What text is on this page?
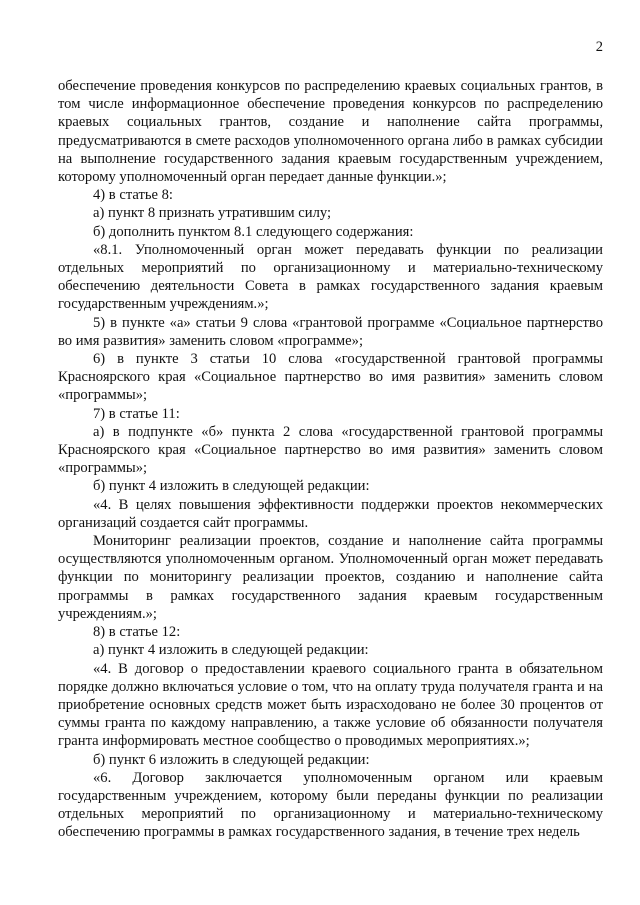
2

обеспечение проведения конкурсов по распределению краевых социальных грантов, в том числе информационное обеспечение проведения конкурсов по распределению краевых социальных грантов, создание и наполнение сайта программы, предусматриваются в смете расходов уполномоченного органа либо в рамках субсидии на выполнение государственного задания краевым государственным учреждением, которому уполномоченный орган передает данные функции.»;

4) в статье 8:

а) пункт 8 признать утратившим силу;

б) дополнить пунктом 8.1 следующего содержания:

«8.1. Уполномоченный орган может передавать функции по реализации отдельных мероприятий по организационному и материально-техническому обеспечению деятельности Совета в рамках государственного задания краевым государственным учреждениям.»;

5) в пункте «а» статьи 9 слова «грантовой программе «Социальное партнерство во имя развития» заменить словом «программе»;

6) в пункте 3 статьи 10 слова «государственной грантовой программы Красноярского края «Социальное партнерство во имя развития» заменить словом «программы»;

7) в статье 11:

а) в подпункте «б» пункта 2 слова «государственной грантовой программы Красноярского края «Социальное партнерство во имя развития» заменить словом «программы»;

б) пункт 4 изложить в следующей редакции:

«4. В целях повышения эффективности поддержки проектов некоммерческих организаций создается сайт программы.

Мониторинг реализации проектов, создание и наполнение сайта программы осуществляются уполномоченным органом. Уполномоченный орган может передавать функции по мониторингу реализации проектов, созданию и наполнение сайта программы в рамках государственного задания краевым государственным учреждениям.»;

8) в статье 12:

а) пункт 4 изложить в следующей редакции:

«4. В договор о предоставлении краевого социального гранта в обязательном порядке должно включаться условие о том, что на оплату труда получателя гранта и на приобретение основных средств может быть израсходовано не более 30 процентов от суммы гранта по каждому направлению, а также условие об обязанности получателя гранта информировать местное сообщество о проводимых мероприятиях.»;

б) пункт 6 изложить в следующей редакции:

«6. Договор заключается уполномоченным органом или краевым государственным учреждением, которому были переданы функции по реализации отдельных мероприятий по организационному и материально-техническому обеспечению программы в рамках государственного задания, в течение трех недель
